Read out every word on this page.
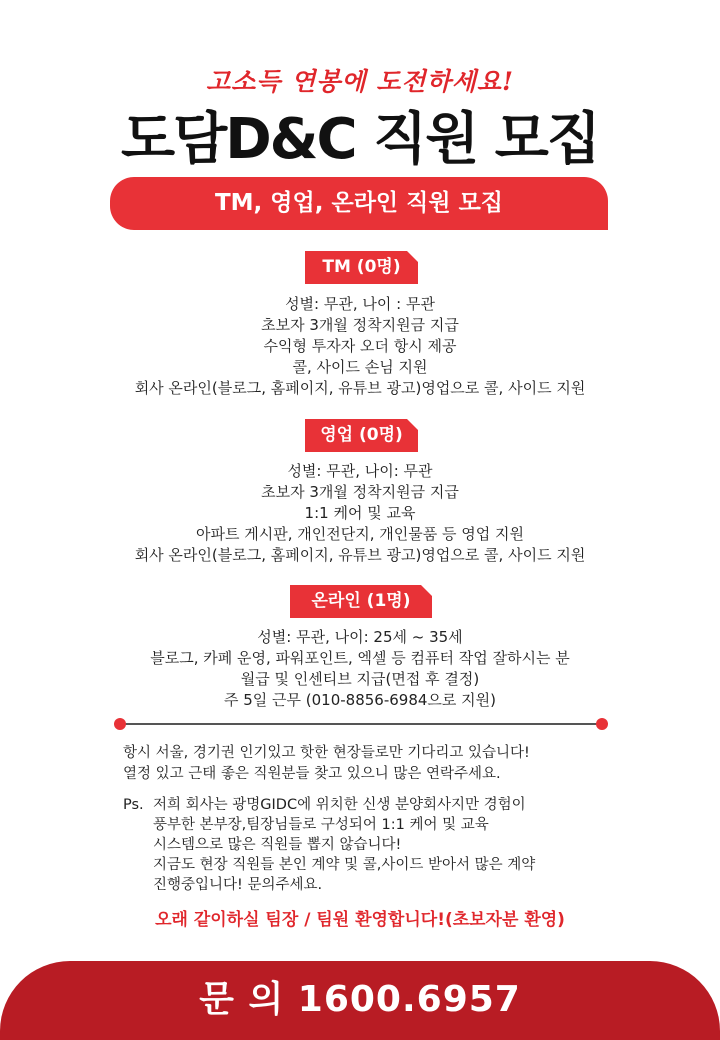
고소득 연봉에 도전하세요!
도담D&C 직원 모집
TM, 영업, 온라인 직원 모집
TM (0명)
성별: 무관, 나이 : 무관
초보자 3개월 정착지원금 지급
수익형 투자자 오더 항시 제공
콜, 사이드 손님 지원
회사 온라인(블로그, 홈페이지, 유튜브 광고)영업으로 콜, 사이드 지원
영업 (0명)
성별: 무관, 나이: 무관
초보자 3개월 정착지원금 지급
1:1 케어 및 교육
아파트 게시판, 개인전단지, 개인물품 등 영업 지원
회사 온라인(블로그, 홈페이지, 유튜브 광고)영업으로 콜, 사이드 지원
온라인 (1명)
성별: 무관, 나이: 25세 ~ 35세
블로그, 카페 운영, 파워포인트, 엑셀 등 컴퓨터 작업 잘하시는 분
월급 및 인센티브 지급(면접 후 결정)
주 5일 근무 (010-8856-6984으로 지원)
항시 서울, 경기권 인기있고 핫한 현장들로만 기다리고 있습니다!
열정 있고 근태 좋은 직원분들 찾고 있으니 많은 연락주세요.
Ps. 저희 회사는 광명GIDC에 위치한 신생 분양회사지만 경험이
풍부한 본부장,팀장님들로 구성되어 1:1 케어 및 교육
시스템으로 많은 직원들 뽑지 않습니다!
지금도 현장 직원들 본인 계약 및 콜,사이드 받아서 많은 계약
진행중입니다! 문의주세요.
오래 같이하실 팀장 / 팀원 환영합니다!(초보자분 환영)
문 의 1600.6957
